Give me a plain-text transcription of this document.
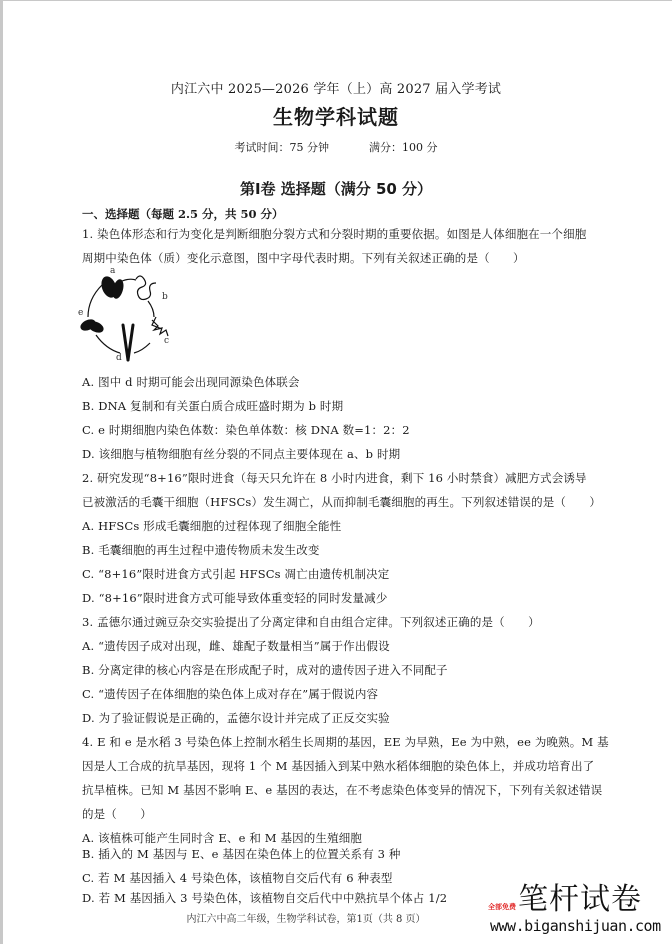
内江六中 2025—2026 学年（上）高 2027 届入学考试
生物学科试题
考试时间：75 分钟	满分：100 分
第Ⅰ卷 选择题（满分 50 分）
一、选择题（每题 2.5 分，共 50 分）
1. 染色体形态和行为变化是判断细胞分裂方式和分裂时期的重要依据。如图是人体细胞在一个细胞
周期中染色体（质）变化示意图，图中字母代表时期。下列有关叙述正确的是（　　）
a
b
c
d
e
A. 图中 d 时期可能会出现同源染色体联会
B. DNA 复制和有关蛋白质合成旺盛时期为 b 时期
C. e 时期细胞内染色体数：染色单体数：核 DNA 数=1：2：2
D. 该细胞与植物细胞有丝分裂的不同点主要体现在 a、b 时期
2. 研究发现“8+16”限时进食（每天只允许在 8 小时内进食，剩下 16 小时禁食）减肥方式会诱导
已被激活的毛囊干细胞（HFSCs）发生凋亡，从而抑制毛囊细胞的再生。下列叙述错误的是（　　）
A. HFSCs 形成毛囊细胞的过程体现了细胞全能性
B. 毛囊细胞的再生过程中遗传物质未发生改变
C. “8+16”限时进食方式引起 HFSCs 凋亡由遗传机制决定
D. “8+16”限时进食方式可能导致体重变轻的同时发量减少
3. 孟德尔通过豌豆杂交实验提出了分离定律和自由组合定律。下列叙述正确的是（　　）
A. “遗传因子成对出现，雌、雄配子数量相当”属于作出假设
B. 分离定律的核心内容是在形成配子时，成对的遗传因子进入不同配子
C. “遗传因子在体细胞的染色体上成对存在”属于假说内容
D. 为了验证假说是正确的，孟德尔设计并完成了正反交实验
4. E 和 e 是水稻 3 号染色体上控制水稻生长周期的基因，EE 为早熟，Ee 为中熟，ee 为晚熟。M 基
因是人工合成的抗旱基因，现将 1 个 M 基因插入到某中熟水稻体细胞的染色体上，并成功培育出了
抗旱植株。已知 M 基因不影响 E、e 基因的表达，在不考虑染色体变异的情况下，下列有关叙述错误
的是（　　）
A. 该植株可能产生同时含 E、e 和 M 基因的生殖细胞
B. 插入的 M 基因与 E、e 基因在染色体上的位置关系有 3 种
C. 若 M 基因插入 4 号染色体，该植物自交后代有 6 种表型
D. 若 M 基因插入 3 号染色体，该植物自交后代中中熟抗旱个体占 1/2
内江六中高二年级，生物学科试卷，第1页（共 8 页）
笔杆试卷
全部免费
www.biganshijuan.com
